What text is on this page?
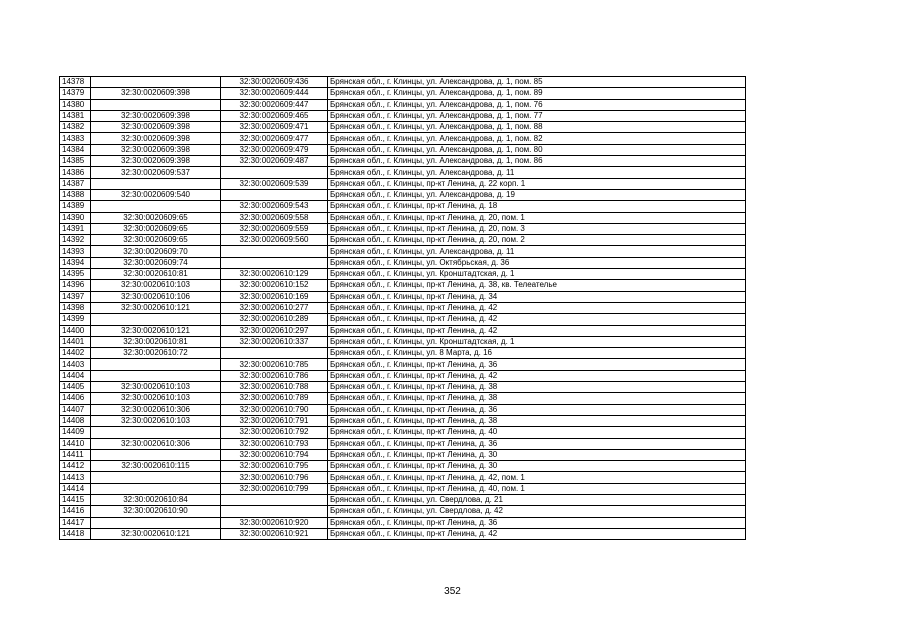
14378		32:30:0020609:436	Брянская обл., г. Клинцы, ул. Александрова, д. 1, пом. 85
14379	32:30:0020609:398	32:30:0020609:444	Брянская обл., г. Клинцы, ул. Александрова, д. 1, пом. 89
14380		32:30:0020609:447	Брянская обл., г. Клинцы, ул. Александрова, д. 1, пом. 76
14381	32:30:0020609:398	32:30:0020609:465	Брянская обл., г. Клинцы, ул. Александрова, д. 1, пом. 77
14382	32:30:0020609:398	32:30:0020609:471	Брянская обл., г. Клинцы, ул. Александрова, д. 1, пом. 88
14383	32:30:0020609:398	32:30:0020609:477	Брянская обл., г. Клинцы, ул. Александрова, д. 1, пом. 82
14384	32:30:0020609:398	32:30:0020609:479	Брянская обл., г. Клинцы, ул. Александрова, д. 1, пом. 80
14385	32:30:0020609:398	32:30:0020609:487	Брянская обл., г. Клинцы, ул. Александрова, д. 1, пом. 86
14386	32:30:0020609:537		Брянская обл., г. Клинцы, ул. Александрова, д. 11
14387		32:30:0020609:539	Брянская обл., г. Клинцы, пр-кт Ленина, д. 22 корп. 1
14388	32:30:0020609:540		Брянская обл., г. Клинцы, ул. Александрова, д. 19
14389		32:30:0020609:543	Брянская обл., г. Клинцы, пр-кт Ленина, д. 18
14390	32:30:0020609:65	32:30:0020609:558	Брянская обл., г. Клинцы, пр-кт Ленина, д. 20, пом. 1
14391	32:30:0020609:65	32:30:0020609:559	Брянская обл., г. Клинцы, пр-кт Ленина, д. 20, пом. 3
14392	32:30:0020609:65	32:30:0020609:560	Брянская обл., г. Клинцы, пр-кт Ленина, д. 20, пом. 2
14393	32:30:0020609:70		Брянская обл., г. Клинцы, ул. Александрова, д. 11
14394	32:30:0020609:74		Брянская обл., г. Клинцы, ул. Октябрьская, д. 36
14395	32:30:0020610:81	32:30:0020610:129	Брянская обл., г. Клинцы, ул. Кронштадтская, д. 1
14396	32:30:0020610:103	32:30:0020610:152	Брянская обл., г. Клинцы, пр-кт Ленина, д. 38, кв. Телеателье
14397	32:30:0020610:106	32:30:0020610:169	Брянская обл., г. Клинцы, пр-кт Ленина, д. 34
14398	32:30:0020610:121	32:30:0020610:277	Брянская обл., г. Клинцы, пр-кт Ленина, д. 42
14399		32:30:0020610:289	Брянская обл., г. Клинцы, пр-кт Ленина, д. 42
14400	32:30:0020610:121	32:30:0020610:297	Брянская обл., г. Клинцы, пр-кт Ленина, д. 42
14401	32:30:0020610:81	32:30:0020610:337	Брянская обл., г. Клинцы, ул. Кронштадтская, д. 1
14402	32:30:0020610:72		Брянская обл., г. Клинцы, ул. 8 Марта, д. 16
14403		32:30:0020610:785	Брянская обл., г. Клинцы, пр-кт Ленина, д. 36
14404		32:30:0020610:786	Брянская обл., г. Клинцы, пр-кт Ленина, д. 42
14405	32:30:0020610:103	32:30:0020610:788	Брянская обл., г. Клинцы, пр-кт Ленина, д. 38
14406	32:30:0020610:103	32:30:0020610:789	Брянская обл., г. Клинцы, пр-кт Ленина, д. 38
14407	32:30:0020610:306	32:30:0020610:790	Брянская обл., г. Клинцы, пр-кт Ленина, д. 36
14408	32:30:0020610:103	32:30:0020610:791	Брянская обл., г. Клинцы, пр-кт Ленина, д. 38
14409		32:30:0020610:792	Брянская обл., г. Клинцы, пр-кт Ленина, д. 40
14410	32:30:0020610:306	32:30:0020610:793	Брянская обл., г. Клинцы, пр-кт Ленина, д. 36
14411		32:30:0020610:794	Брянская обл., г. Клинцы, пр-кт Ленина, д. 30
14412	32:30:0020610:115	32:30:0020610:795	Брянская обл., г. Клинцы, пр-кт Ленина, д. 30
14413		32:30:0020610:796	Брянская обл., г. Клинцы, пр-кт Ленина, д. 42, пом. 1
14414		32:30:0020610:799	Брянская обл., г. Клинцы, пр-кт Ленина, д. 40, пом. 1
14415	32:30:0020610:84		Брянская обл., г. Клинцы, ул. Свердлова, д. 21
14416	32:30:0020610:90		Брянская обл., г. Клинцы, ул. Свердлова, д. 42
14417		32:30:0020610:920	Брянская обл., г. Клинцы, пр-кт Ленина, д. 36
14418	32:30:0020610:121	32:30:0020610:921	Брянская обл., г. Клинцы, пр-кт Ленина, д. 42
352
